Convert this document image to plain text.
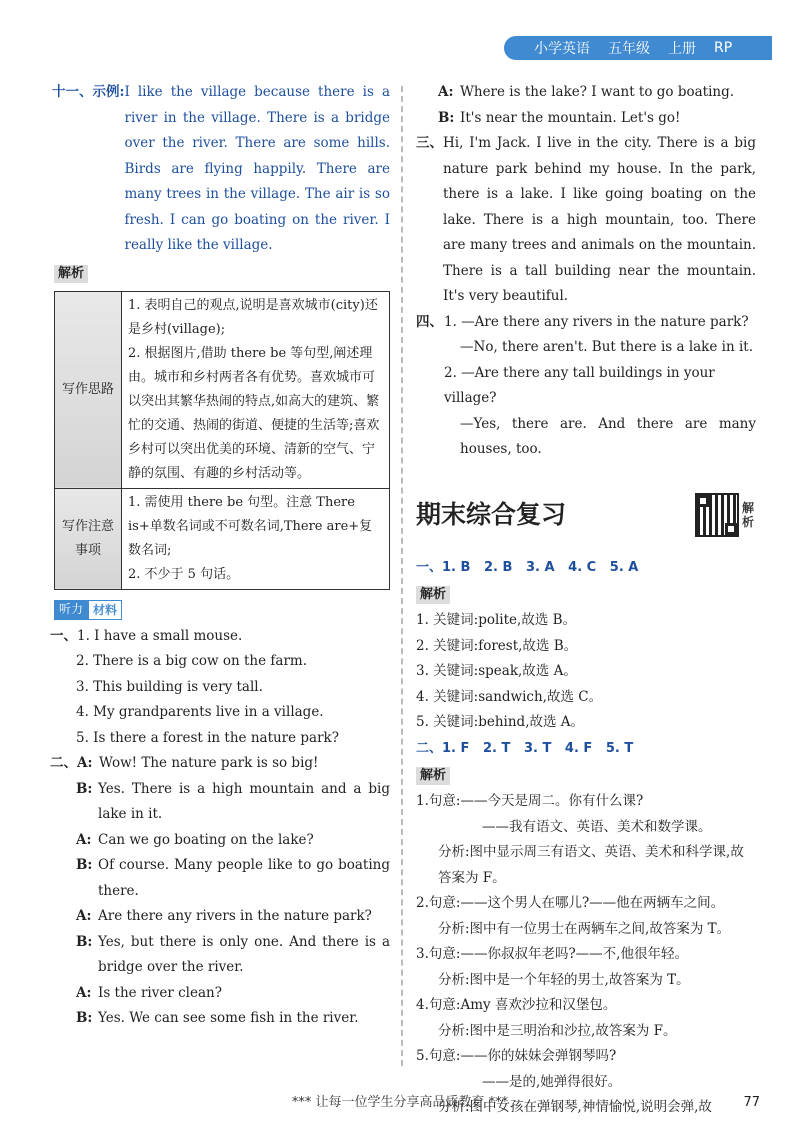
小学英语 五年级 上册 RP
十一、示例: I like the village because there is a river in the village. There is a bridge over the river. There are some hills. Birds are flying happily. There are many trees in the village. The air is so fresh. I can go boating on the river. I really like the village.
解析
写作思路	1. 表明自己的观点,说明是喜欢城市(city)还是乡村(village);
2. 根据图片,借助 there be 等句型,阐述理由。城市和乡村两者各有优势。喜欢城市可以突出其繁华热闹的特点,如高大的建筑、繁忙的交通、热闹的街道、便捷的生活等;喜欢乡村可以突出优美的环境、清新的空气、宁静的氛围、有趣的乡村活动等。

写作注意事项	1. 需使用 there be 句型。注意 There is+单数名词或不可数名词,There are+复数名词;
2. 不少于 5 句话。
听力 材料
一、 1. I have a small mouse.
2. There is a big cow on the farm.
3. This building is very tall.
4. My grandparents live in a village.
5. Is there a forest in the nature park?
二、 A: Wow! The nature park is so big!
B: Yes. There is a high mountain and a big lake in it.
A: Can we go boating on the lake?
B: Of course. Many people like to go boating there.
A: Are there any rivers in the nature park?
B: Yes, but there is only one. And there is a bridge over the river.
A: Is the river clean?
B: Yes. We can see some fish in the river.
A: Where is the lake? I want to go boating.
B: It's near the mountain. Let's go!
三、 Hi, I'm Jack. I live in the city. There is a big nature park behind my house. In the park, there is a lake. I like going boating on the lake. There is a high mountain, too. There are many trees and animals on the mountain. There is a tall building near the mountain. It's very beautiful.
四、 1. —Are there any rivers in the nature park?
—No, there aren't. But there is a lake in it.
2. —Are there any tall buildings in your village?
—Yes, there are. And there are many houses, too.
期末综合复习	解析
一、 1. B   2. B   3. A   4. C   5. A
解析
1. 关键词:polite,故选 B。
2. 关键词:forest,故选 B。
3. 关键词:speak,故选 A。
4. 关键词:sandwich,故选 C。
5. 关键词:behind,故选 A。
二、 1. F   2. T   3. T   4. F   5. T
解析
1. 句意:——今天是周二。你有什么课?
——我有语文、英语、美术和数学课。
分析:图中显示周三有语文、英语、美术和科学课,故答案为 F。
2. 句意:——这个男人在哪儿?——他在两辆车之间。
分析:图中有一位男士在两辆车之间,故答案为 T。
3. 句意:——你叔叔年老吗?——不,他很年轻。
分析:图中是一个年轻的男士,故答案为 T。
4. 句意:Amy 喜欢沙拉和汉堡包。
分析:图中是三明治和沙拉,故答案为 F。
5. 句意:——你的妹妹会弹钢琴吗?
——是的,她弹得很好。
分析:图中女孩在弹钢琴,神情愉悦,说明会弹,故
*** 让每一位学生分享高品质教育 ***	77
